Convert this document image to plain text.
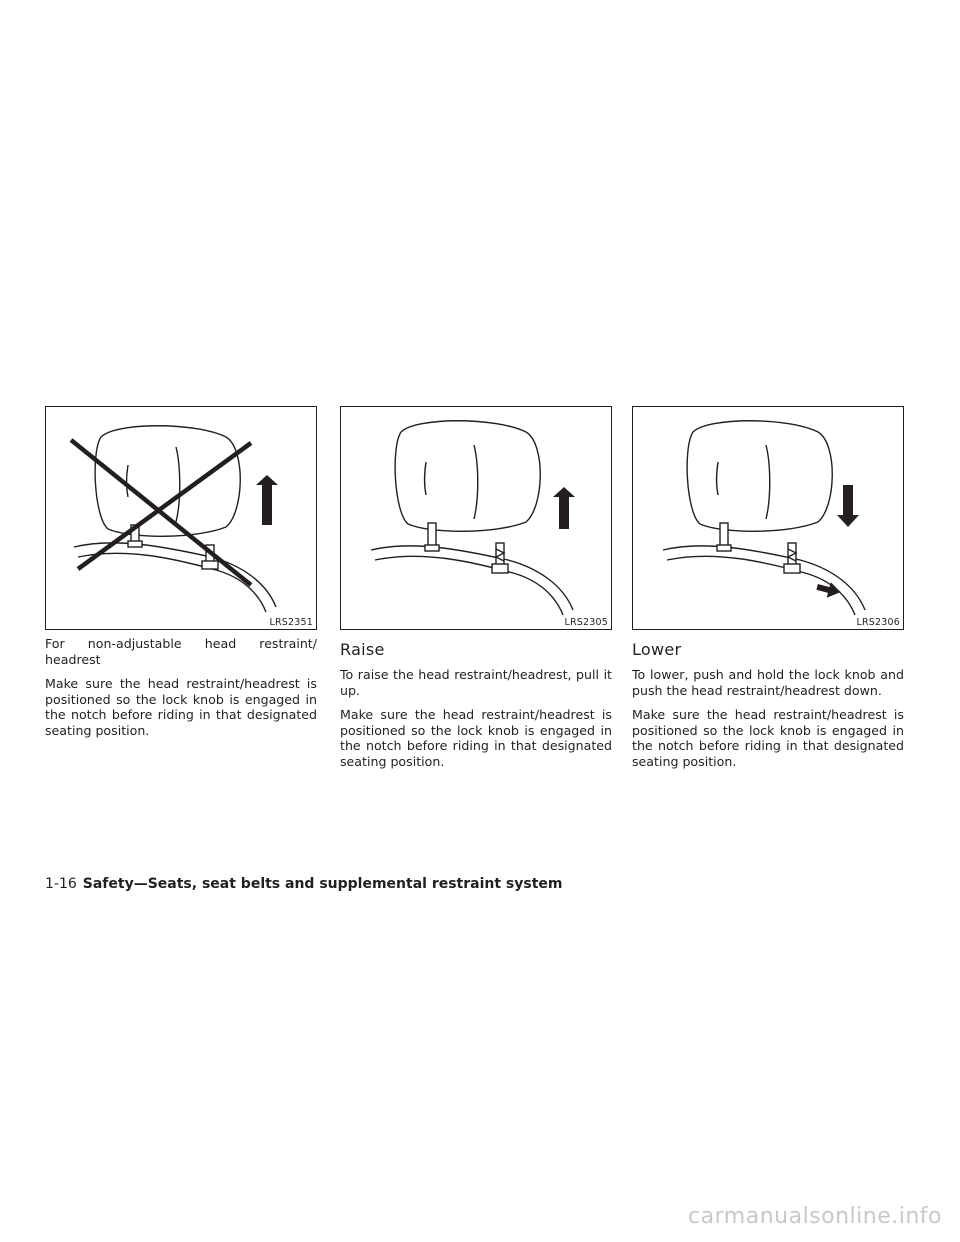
LRS2351

For non-adjustable head restraint/

headrest

Make sure the head restraint/headrest is positioned so the lock knob is engaged in the notch before riding in that designated seating position.

LRS2305
Raise

To raise the head restraint/headrest, pull it up.

Make sure the head restraint/headrest is positioned so the lock knob is engaged in the notch before riding in that designated seating position.

LRS2306
Lower

To lower, push and hold the lock knob and push the head restraint/headrest down.

Make sure the head restraint/headrest is positioned so the lock knob is engaged in the notch before riding in that designated seating position.

1-16 Safety—Seats, seat belts and supplemental restraint system
carmanualsonline.info
